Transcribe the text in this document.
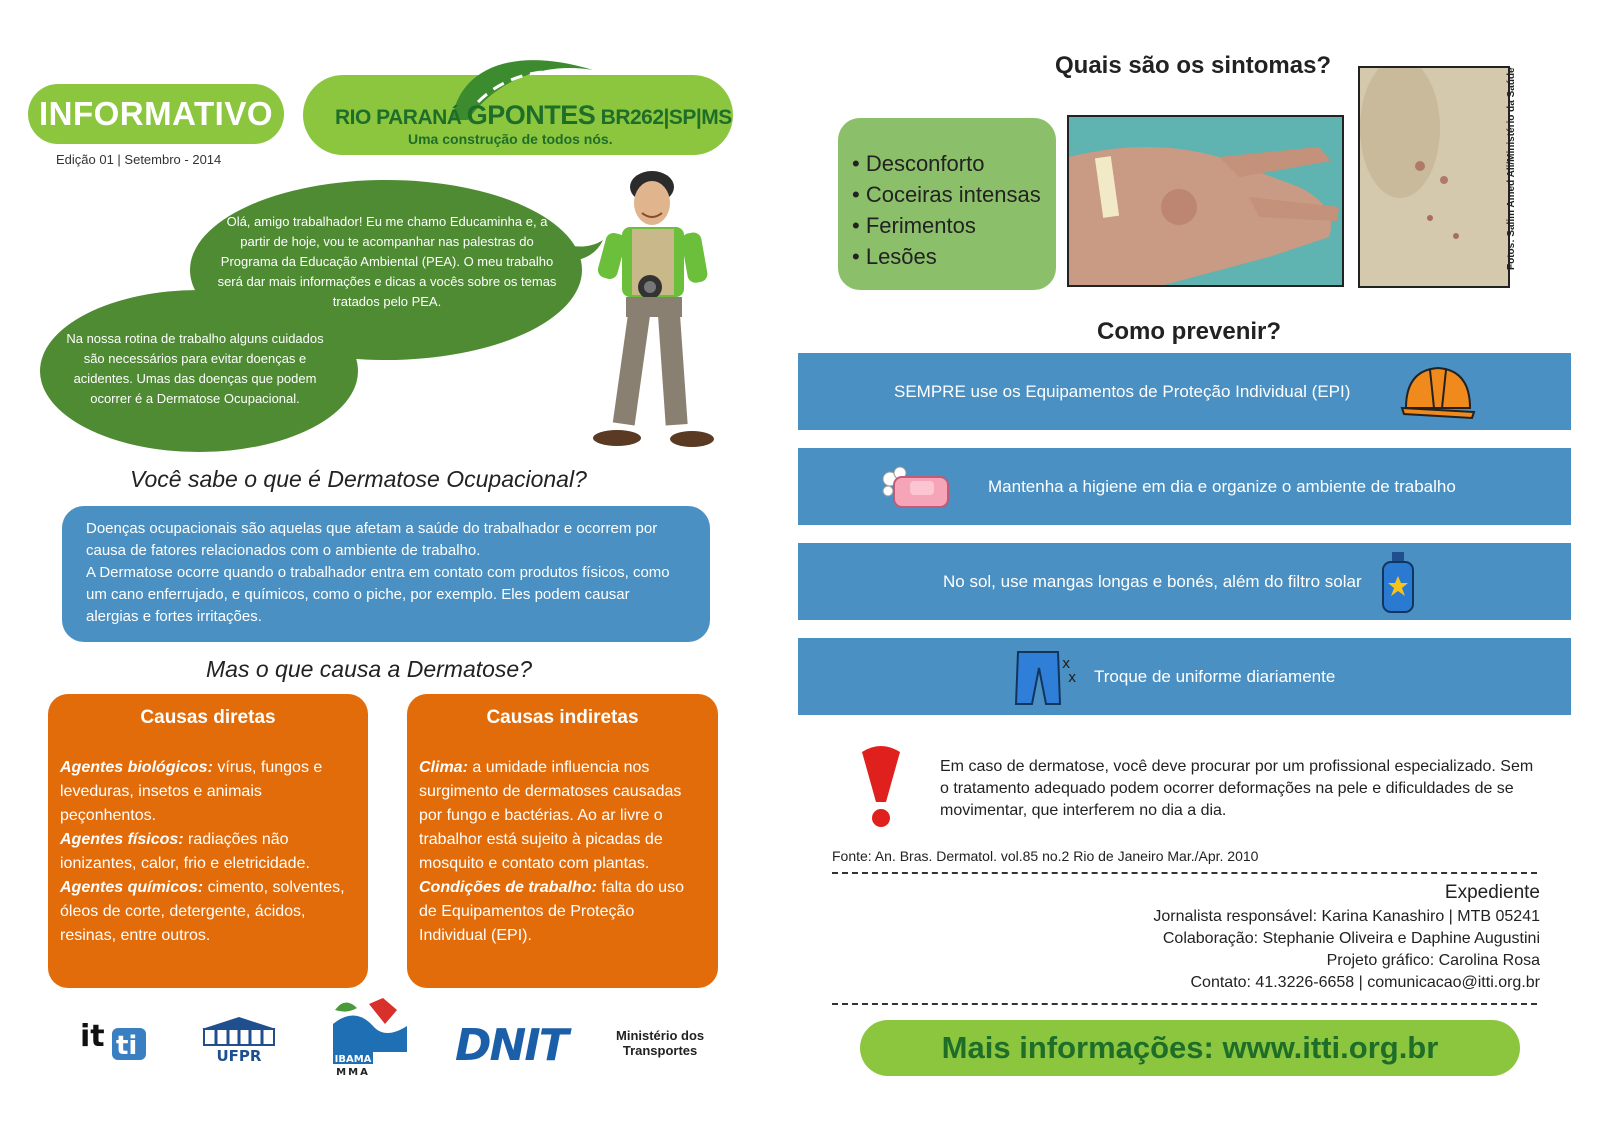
INFORMATIVO
Edição 01 | Setembro - 2014
RIO PARANÁ GPONTES BR262|SP|MS
Uma construção de todos nós.
Olá, amigo trabalhador! Eu me chamo Educaminha e, a partir de hoje, vou te acompanhar nas palestras do Programa da Educação Ambiental (PEA). O meu trabalho será dar mais informações e dicas a vocês sobre os temas tratados pelo PEA.
Na nossa rotina de trabalho alguns cuidados são necessários para evitar doenças e acidentes. Umas das doenças que podem ocorrer é a Dermatose Ocupacional.
Você sabe o que é Dermatose Ocupacional?
Doenças ocupacionais são aquelas que afetam a saúde do trabalhador e ocorrem por causa de fatores relacionados com o ambiente de trabalho.
A Dermatose ocorre quando o trabalhador entra em contato com produtos físicos, como um cano enferrujado, e químicos, como o piche, por exemplo. Eles podem causar alergias e fortes irritações.
Mas o que causa a Dermatose?
Causas diretas
Agentes biológicos: vírus, fungos e leveduras, insetos e animais peçonhentos.
Agentes físicos: radiações não ionizantes, calor, frio e eletricidade.
Agentes químicos: cimento, solventes, óleos de corte, detergente, ácidos, resinas, entre outros.
Causas indiretas
Clima: a umidade influencia nos surgimento de dermatoses causadas por fungo e bactérias. Ao ar livre o trabalhor está sujeito à picadas de mosquito e contato com plantas.
Condições de trabalho: falta do uso de Equipamentos de Proteção Individual (EPI).
it ti	UFPR	IBAMA
MMA
DNIT	Ministério dos
Transportes
Quais são os sintomas?
• Desconforto
• Coceiras intensas
• Ferimentos
• Lesões	Fotos: Salim Amed Ali/Ministério da Saúde
Como prevenir?
SEMPRE use os Equipamentos de Proteção Individual (EPI)
Mantenha a higiene em dia e organize o ambiente de trabalho
No sol, use mangas longas e bonés, além do filtro solar
x
x Troque de uniforme diariamente
Em caso de dermatose, você deve procurar por um profissional especializado. Sem o tratamento adequado podem ocorrer deformações na pele e dificuldades de se movimentar, que interferem no dia a dia.
Fonte: An. Bras. Dermatol. vol.85 no.2 Rio de Janeiro Mar./Apr. 2010
Expediente
Jornalista responsável: Karina Kanashiro | MTB 05241
Colaboração: Stephanie Oliveira e Daphine Augustini
Projeto gráfico: Carolina Rosa
Contato: 41.3226-6658 | comunicacao@itti.org.br
Mais informações: www.itti.org.br
